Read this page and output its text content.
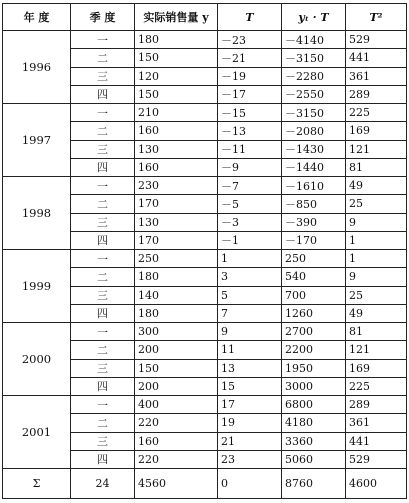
年 度	季 度	实际销售量 y	T	yₜ · T	T²
1996	一	180	－23	－4140	529
	二	150	－21	－3150	441
	三	120	－19	－2280	361
	四	150	－17	－2550	289
1997	一	210	－15	－3150	225
	二	160	－13	－2080	169
	三	130	－11	－1430	121
	四	160	－9	－1440	81
1998	一	230	－7	－1610	49
	二	170	－5	－850	25
	三	130	－3	－390	9
	四	170	－1	－170	1
1999	一	250	1	250	1
	二	180	3	540	9
	三	140	5	700	25
	四	180	7	1260	49
2000	一	300	9	2700	81
	二	200	11	2200	121
	三	150	13	1950	169
	四	200	15	3000	225
2001	一	400	17	6800	289
	二	220	19	4180	361
	三	160	21	3360	441
	四	220	23	5060	529
Σ	24	4560	0	8760	4600
